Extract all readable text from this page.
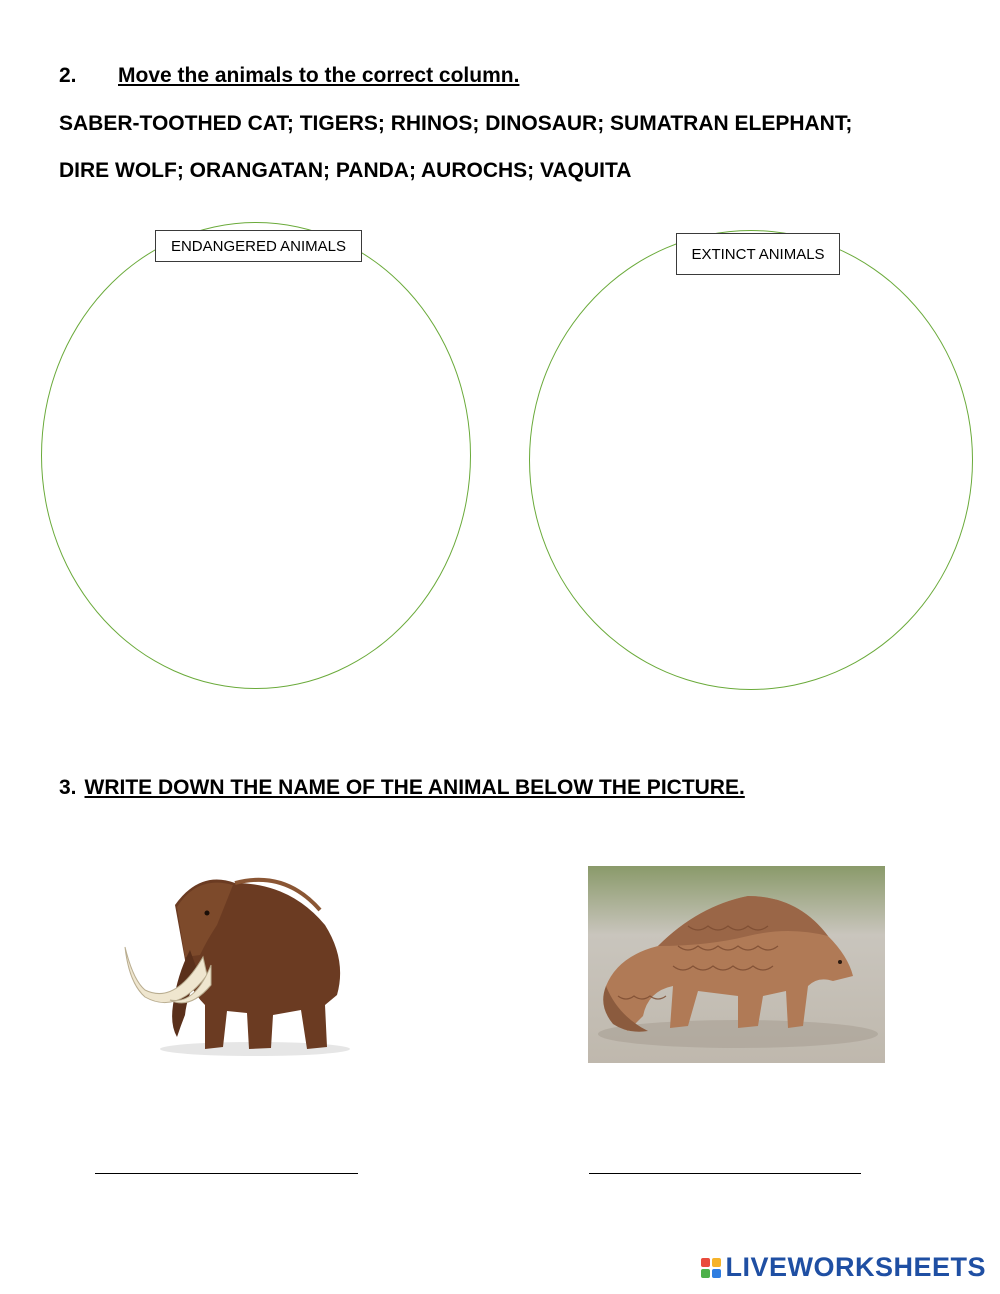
2. Move the animals to the correct column.
SABER-TOOTHED CAT; TIGERS; RHINOS; DINOSAUR; SUMATRAN ELEPHANT;
DIRE WOLF; ORANGATAN; PANDA; AUROCHS; VAQUITA
ENDANGERED ANIMALS	EXTINCT ANIMALS
3. WRITE DOWN THE NAME OF THE ANIMAL BELOW THE PICTURE.
LIVEWORKSHEETS
